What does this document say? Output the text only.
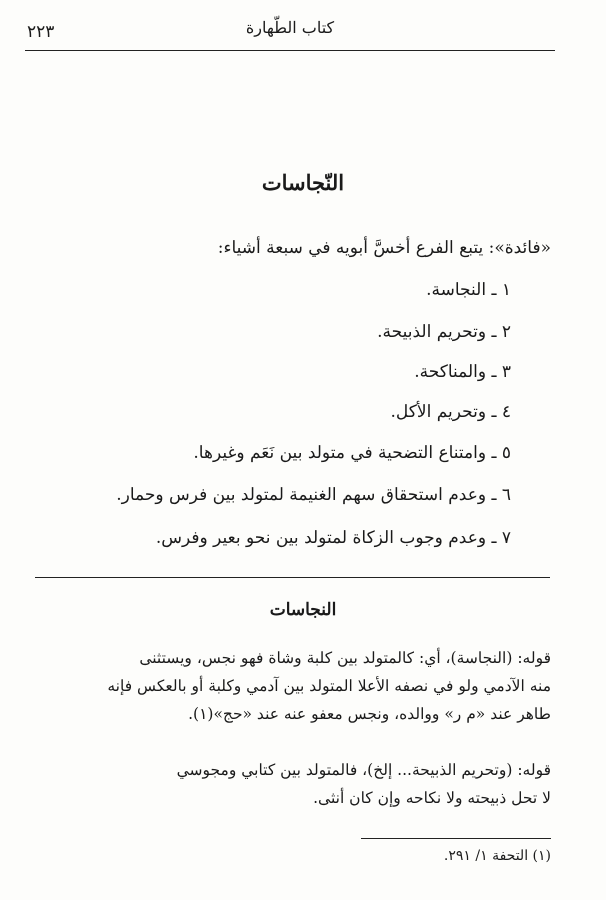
٢٢٣	كتاب الطّهارة
النّجاسات
«فائدة»: يتبع الفرع أخسَّ أبويه في سبعة أشياء:
١ ـ النجاسة.
٢ ـ وتحريم الذبيحة.
٣ ـ والمناكحة.
٤ ـ وتحريم الأكل.
٥ ـ وامتناع التضحية في متولد بين نَعَم وغيرها.
٦ ـ وعدم استحقاق سهم الغنيمة لمتولد بين فرس وحمار.
٧ ـ وعدم وجوب الزكاة لمتولد بين نحو بعير وفرس.
النجاسات
قوله: (النجاسة)، أي: كالمتولد بين كلبة وشاة فهو نجس، ويستثنى
منه الآدمي ولو في نصفه الأعلا المتولد بين آدمي وكلبة أو بالعكس فإنه
طاهر عند «م ر» ووالده، ونجس معفو عنه عند «حج»(١).
قوله: (وتحريم الذبيحة... إلخ)، فالمتولد بين كتابي ومجوسي
لا تحل ذبيحته ولا نكاحه وإن كان أنثى.
(١) التحفة ١/ ٢٩١.
